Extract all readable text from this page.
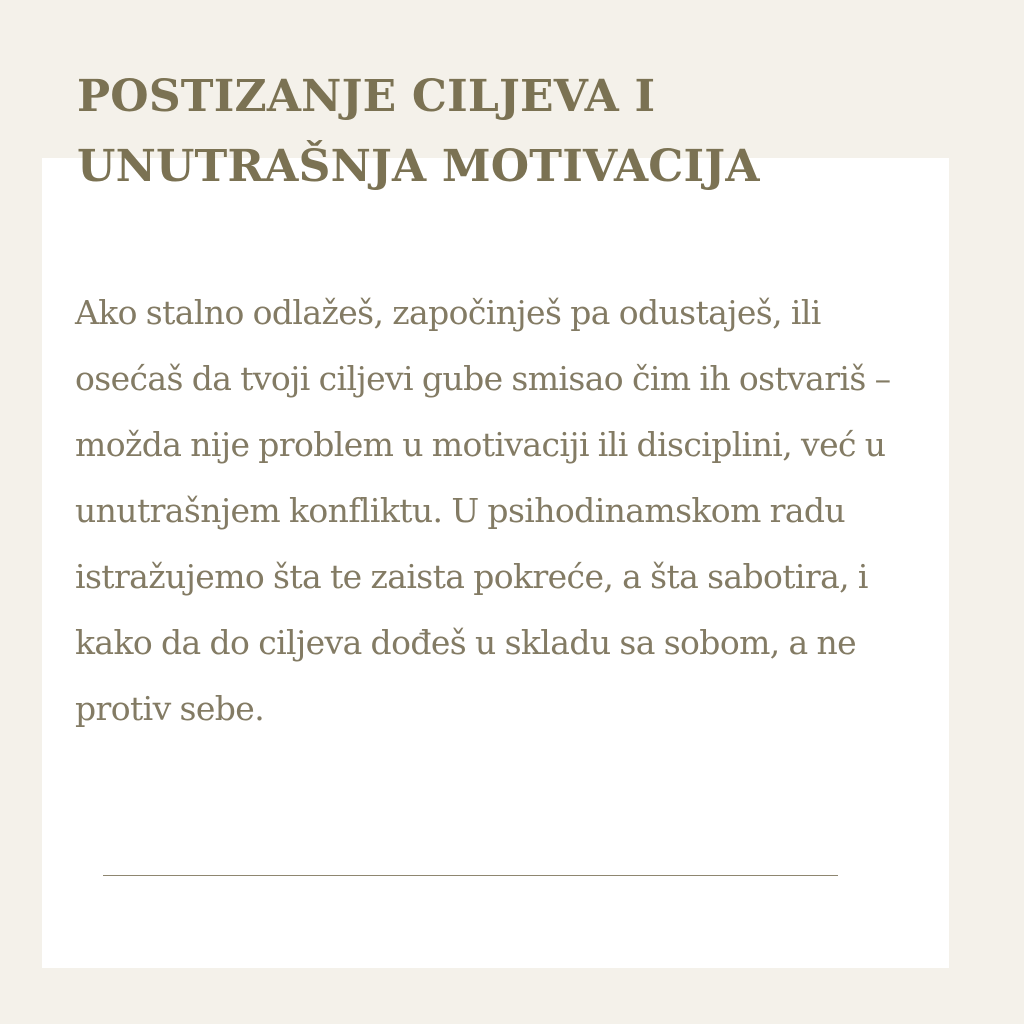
POSTIZANJE CILJEVA I UNUTRAŠNJA MOTIVACIJA

Ako stalno odlažeš, započinješ pa odustaješ, ili osećaš da tvoji ciljevi gube smisao čim ih ostvariš – možda nije problem u motivaciji ili disciplini, već u unutrašnjem konfliktu. U psihodinamskom radu istražujemo šta te zaista pokreće, a šta sabotira, i kako da do ciljeva dođeš u skladu sa sobom, a ne protiv sebe.
